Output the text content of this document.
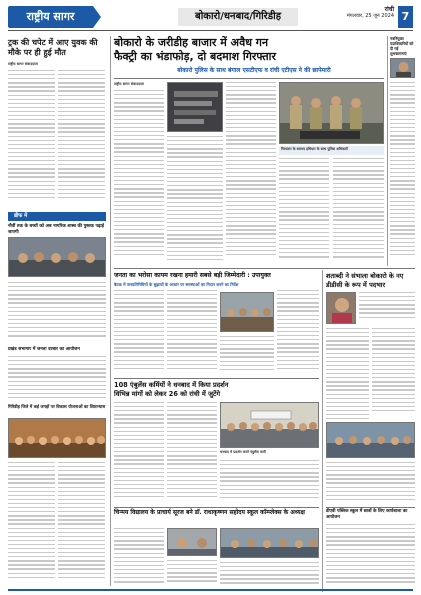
राष्ट्रीय सागर	बोकारो/धनबाद/गिरिडीह
रांची
मंगलवार, 25 जून 2024 7
ट्रक की चपेट में आए युवक की मौके पर ही हुई मौत
राष्ट्रीय सागर संवाददाता
ब्रीफ में
नौवीं तक के बच्चों को अब नागरिक शास्त्र की पुस्तक पढ़ाई जाएगी
प्रखंड सभागार में जनता दरबार का आयोजन
गिरिडीह जिले में कई जगहों पर विकास योजनाओं का शिलान्यास
बोकारो के जरीडीह बाजार में अवैध गन
फैक्ट्री का भंडाफोड़, दो बदमाश गिरफ्तार
बोकारो पुलिस के साथ बंगाल एसटीएफ व रांची एटीएस ने की छापेमारी
राष्ट्रीय सागर संवाददाता
गिरफ्तार के बरामद हथियार के साथ पुलिस अधिकारी
नवनियुक्त पदाधिकारियों को दी गई शुभकामनाएं
जनता का भरोसा कायम रखना हमारी सबसे बड़ी जिम्मेदारी : उपायुक्त
बैठक में जनप्रतिनिधियों के सुझावों के आधार पर समस्याओं का निदान करने का निर्देश
शताब्दी ने संभाला बोकारो के नए डीडीसी के रूप में पदभार
108 एंबुलेंस कर्मियों ने धनबाद में किया प्रदर्शन
विभिन्न मांगों को लेकर 26 को रांची में जुटेंगे
धनबाद में प्रदर्शन करते एंबुलेंस कर्मी
चिन्मय विद्यालय के प्राचार्य सूरज बने डॉ. राधाकृष्णन सहोदय स्कूल कॉम्प्लेक्स के अध्यक्ष	डीएवी पब्लिक स्कूल में छात्रों के लिए कार्यशाला का आयोजन
